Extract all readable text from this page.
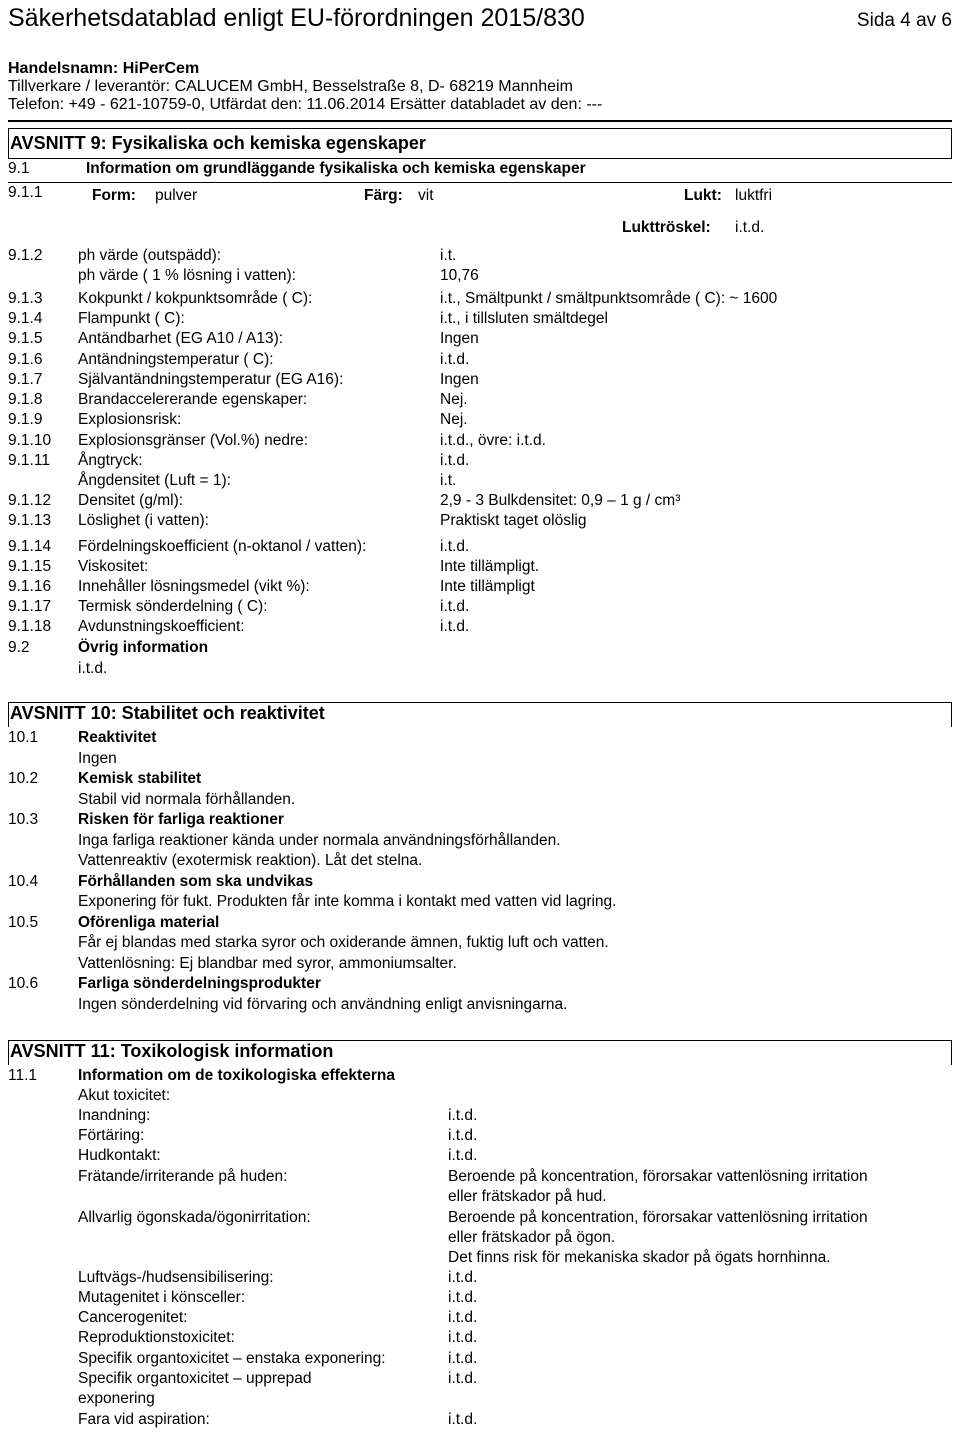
Säkerhetsdatablad enligt EU-förordningen 2015/830	Sida 4 av 6
Handelsnamn: HiPerCem
Tillverkare / leverantör: CALUCEM GmbH, Besselstraße 8, D- 68219 Mannheim
Telefon: +49 - 621-10759-0, Utfärdat den: 11.06.2014 Ersätter databladet av den: ---
AVSNITT 9: Fysikaliska och kemiska egenskaper
9.1	Information om grundläggande fysikaliska och kemiska egenskaper
9.1.1	Form: pulver	Färg: vit	Lukt: luktfri
Lukttröskel: i.t.d.
9.1.2 ph värde (outspädd):	i.t.
ph värde ( 1 % lösning i vatten):	10,76
9.1.3 Kokpunkt / kokpunktsområde ( C):	i.t., Smältpunkt / smältpunktsområde ( C): ~ 1600
9.1.4 Flampunkt ( C):	i.t., i tillsluten smältdegel
9.1.5 Antändbarhet (EG A10 / A13):	Ingen
9.1.6 Antändningstemperatur ( C):	i.t.d.
9.1.7 Självantändningstemperatur (EG A16):	Ingen
9.1.8 Brandaccelererande egenskaper:	Nej.
9.1.9 Explosionsrisk:	Nej.
9.1.10 Explosionsgränser (Vol.%) nedre:	i.t.d., övre: i.t.d.
9.1.11 Ångtryck:	i.t.d.
Ångdensitet (Luft = 1):	i.t.
9.1.12 Densitet (g/ml):	2,9 - 3 Bulkdensitet: 0,9 – 1 g / cm³
9.1.13 Löslighet (i vatten):	Praktiskt taget olöslig
9.1.14 Fördelningskoefficient (n-oktanol / vatten):	i.t.d.
9.1.15 Viskositet:	Inte tillämpligt.
9.1.16 Innehåller lösningsmedel (vikt %):	Inte tillämpligt
9.1.17 Termisk sönderdelning ( C):	i.t.d.
9.1.18 Avdunstningskoefficient:	i.t.d.
9.2	Övrig information
i.t.d.
AVSNITT 10: Stabilitet och reaktivitet
10.1	Reaktivitet
Ingen
10.2	Kemisk stabilitet
Stabil vid normala förhållanden.
10.3	Risken för farliga reaktioner
Inga farliga reaktioner kända under normala användningsförhållanden.
Vattenreaktiv (exotermisk reaktion). Låt det stelna.
10.4	Förhållanden som ska undvikas
Exponering för fukt. Produkten får inte komma i kontakt med vatten vid lagring.
10.5	Oförenliga material
Får ej blandas med starka syror och oxiderande ämnen, fuktig luft och vatten.
Vattenlösning: Ej blandbar med syror, ammoniumsalter.
10.6	Farliga sönderdelningsprodukter
Ingen sönderdelning vid förvaring och användning enligt anvisningarna.
AVSNITT 11: Toxikologisk information
11.1	Information om de toxikologiska effekterna
Akut toxicitet:
Inandning:	i.t.d.
Förtäring:	i.t.d.
Hudkontakt:	i.t.d.
Frätande/irriterande på huden:	Beroende på koncentration, förorsakar vattenlösning irritation
eller frätskador på hud.
Allvarlig ögonskada/ögonirritation:	Beroende på koncentration, förorsakar vattenlösning irritation
eller frätskador på ögon.
Det finns risk för mekaniska skador på ögats hornhinna.
Luftvägs-/hudsensibilisering:	i.t.d.
Mutagenitet i könsceller:	i.t.d.
Cancerogenitet:	i.t.d.
Reproduktionstoxicitet:	i.t.d.
Specifik organtoxicitet – enstaka exponering:	i.t.d.
Specifik organtoxicitet – upprepad	i.t.d.
exponering
Fara vid aspiration:	i.t.d.
